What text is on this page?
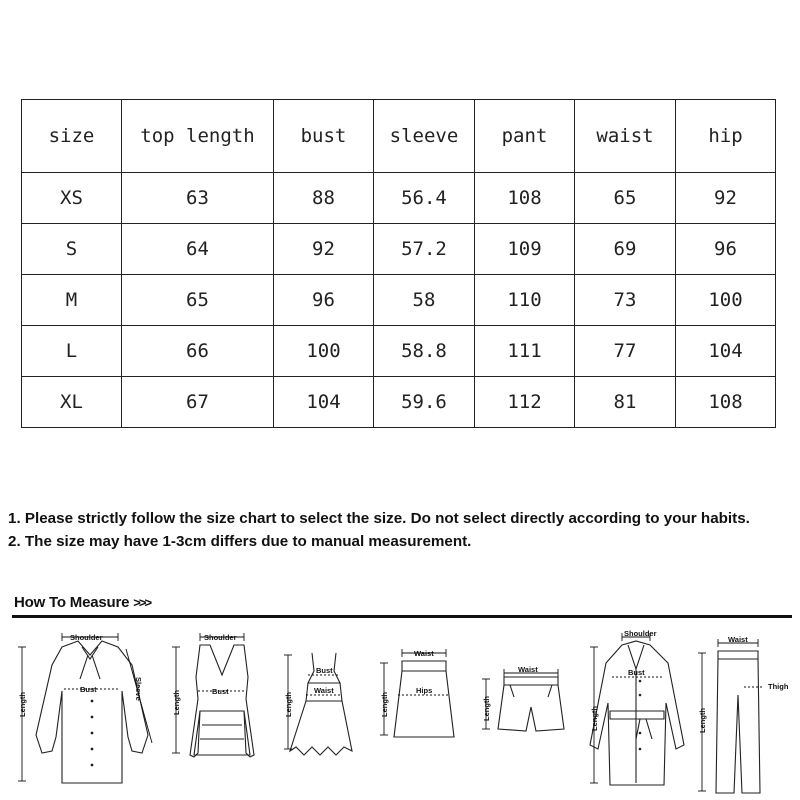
size	top length	bust	sleeve	pant	waist	hip
XS	63	88	56.4	108	65	92
S	64	92	57.2	109	69	96
M	65	96	58	110	73	100
L	66	100	58.8	111	77	104
XL	67	104	59.6	112	81	108

1. Please strictly follow the size chart to select the size. Do not select directly according to your habits.

2. The size may have 1-3cm differs due to manual measurement.

How To Measure >>>
Shoulder
Bust
Length
Sleeve
Shoulder
Bust
Length
Bust
Waist
Length
Waist
Hips
Length
Waist
Length
Shoulder
Bust
Length
Waist
Thigh
Length
